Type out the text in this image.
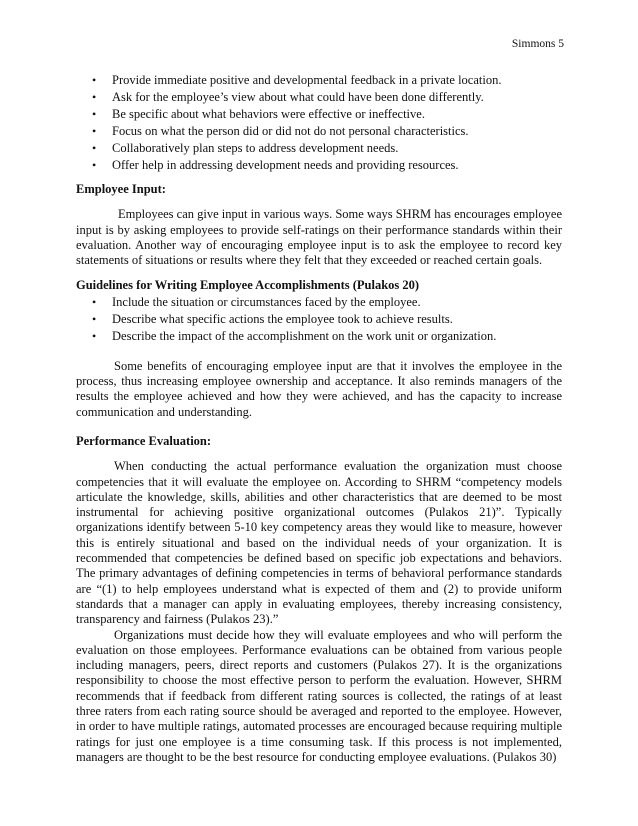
Simmons 5
• Provide immediate positive and developmental feedback in a private location.
• Ask for the employee’s view about what could have been done differently.
• Be specific about what behaviors were effective or ineffective.
• Focus on what the person did or did not do not personal characteristics.
• Collaboratively plan steps to address development needs.
• Offer help in addressing development needs and providing resources.
Employee Input:

Employees can give input in various ways. Some ways SHRM has encourages employee input is by asking employees to provide self-ratings on their performance standards within their evaluation. Another way of encouraging employee input is to ask the employee to record key statements of situations or results where they felt that they exceeded or reached certain goals.

Guidelines for Writing Employee Accomplishments (Pulakos 20)
• Include the situation or circumstances faced by the employee.
• Describe what specific actions the employee took to achieve results.
• Describe the impact of the accomplishment on the work unit or organization.

Some benefits of encouraging employee input are that it involves the employee in the process, thus increasing employee ownership and acceptance. It also reminds managers of the results the employee achieved and how they were achieved, and has the capacity to increase communication and understanding.

Performance Evaluation:

When conducting the actual performance evaluation the organization must choose competencies that it will evaluate the employee on. According to SHRM “competency models articulate the knowledge, skills, abilities and other characteristics that are deemed to be most instrumental for achieving positive organizational outcomes (Pulakos 21)”. Typically organizations identify between 5-10 key competency areas they would like to measure, however this is entirely situational and based on the individual needs of your organization. It is recommended that competencies be defined based on specific job expectations and behaviors. The primary advantages of defining competencies in terms of behavioral performance standards are “(1) to help employees understand what is expected of them and (2) to provide uniform standards that a manager can apply in evaluating employees, thereby increasing consistency, transparency and fairness (Pulakos 23).”

Organizations must decide how they will evaluate employees and who will perform the evaluation on those employees. Performance evaluations can be obtained from various people including managers, peers, direct reports and customers (Pulakos 27). It is the organizations responsibility to choose the most effective person to perform the evaluation. However, SHRM recommends that if feedback from different rating sources is collected, the ratings of at least three raters from each rating source should be averaged and reported to the employee. However, in order to have multiple ratings, automated processes are encouraged because requiring multiple ratings for just one employee is a time consuming task. If this process is not implemented, managers are thought to be the best resource for conducting employee evaluations. (Pulakos 30)
